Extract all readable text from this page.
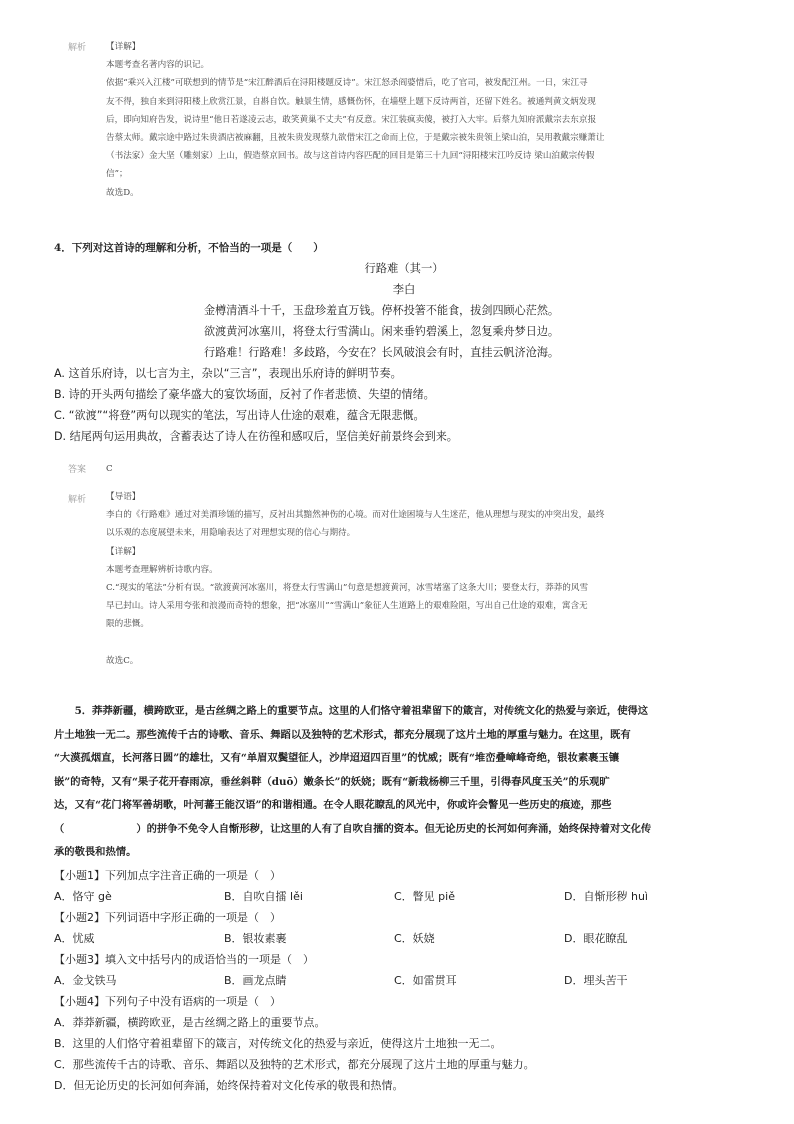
解析 【详解】
本题考查名著内容的识记。
依据“乘兴入江楼”可联想到的情节是“宋江醉酒后在浔阳楼题反诗”。宋江怒杀阎婆惜后，吃了官司，被发配江州。一日，宋江寻
友不得，独自来到浔阳楼上欣赏江景，自斟自饮。触景生情，感慨伤怀，在墙壁上题下反诗两首，还留下姓名。被通判黄文炳发现
后，即向知府告发，说诗里“他日若遂凌云志，敢笑黄巢不丈夫”有反意。宋江装疯卖傻，被打入大牢。后蔡九知府派戴宗去东京报
告蔡太师。戴宗途中路过朱贵酒店被麻翻，且被朱贵发现蔡九欲借宋江之命而上位，于是戴宗被朱贵领上梁山泊，吴用教戴宗赚萧让
（书法家）金大坚（雕刻家）上山，假造蔡京回书。故与这首诗内容匹配的回目是第三十九回“浔阳楼宋江吟反诗 梁山泊戴宗传假
信”；
故选D。
4．下列对这首诗的理解和分析，不恰当的一项是（　　）
行路难（其一）
李白
金樽清酒斗十千，玉盘珍羞直万钱。停杯投箸不能食，拔剑四顾心茫然。
欲渡黄河冰塞川，将登太行雪满山。闲来垂钓碧溪上，忽复乘舟梦日边。
行路难！行路难！多歧路，今安在？长风破浪会有时，直挂云帆济沧海。
A. 这首乐府诗，以七言为主，杂以“三言”，表现出乐府诗的鲜明节奏。
B. 诗的开头两句描绘了豪华盛大的宴饮场面，反衬了作者悲愤、失望的情绪。
C. “欲渡”“将登”两句以现实的笔法，写出诗人仕途的艰难，蕴含无限悲慨。
D. 结尾两句运用典故，含蓄表达了诗人在彷徨和感叹后，坚信美好前景终会到来。
答案 C
解析 【导语】
李白的《行路难》通过对美酒珍馐的描写，反衬出其黯然神伤的心境。而对仕途困境与人生迷茫，他从理想与现实的冲突出发，最终
以乐观的态度展望未来，用隐喻表达了对理想实现的信心与期待。
【详解】
本题考查理解辨析诗歌内容。
C.“现实的笔法”分析有误。“欲渡黄河冰塞川，将登太行雪满山”句意是想渡黄河，冰雪堵塞了这条大川；要登太行，莽莽的风雪
早已封山。诗人采用夸张和浪漫而奇特的想象，把“冰塞川”“雪满山”象征人生道路上的艰难险阻，写出自己仕途的艰难，寓含无
限的悲慨。
故选C。
　　5．莽莽新疆，横跨欧亚，是古丝绸之路上的重要节点。这里的人们恪守着祖辈留下的箴言，对传统文化的热爱与亲近，使得这
片土地独一无二。那些流传千古的诗歌、音乐、舞蹈以及独特的艺术形式，都充分展现了这片土地的厚重与魅力。在这里，既有
“大漠孤烟直，长河落日圆”的雄壮，又有“单眉双鬓望征人，沙岸迢迢四百里”的忧威；既有“堆峦叠嶂峰奇绝，银妆素裹玉镶
嵌”的奇特，又有“果子花开春雨凉，垂丝斜靽（duō）嫩条长”的妖娆；既有“新栽杨柳三千里，引得春风度玉关”的乐观旷
达，又有“花门将军善胡歌，叶河蕃王能汉语”的和谐相通。在令人眼花瞭乱的风光中，你或许会瞥见一些历史的痕迹，那些
（　　　　　　　）的拼争不免令人自惭形秽，让这里的人有了自吹自擂的资本。但无论历史的长河如何奔涌，始终保持着对文化传
承的敬畏和热情。
【小题1】下列加点字注音正确的一项是（　）
A．恪守 gè	B．自吹自擂 lěi	C．瞥见 piě	D．自惭形秽 huì
【小题2】下列词语中字形正确的一项是（　）
A．忧威	B．银妆素裹	C．妖娆	D．眼花瞭乱
【小题3】填入文中括号内的成语恰当的一项是（　）
A．金戈铁马	B．画龙点睛	C．如雷贯耳	D．埋头苦干
【小题4】下列句子中没有语病的一项是（　）
A．莽莽新疆，横跨欧亚，是古丝绸之路上的重要节点。
B．这里的人们恪守着祖辈留下的箴言，对传统文化的热爱与亲近，使得这片土地独一无二。
C．那些流传千古的诗歌、音乐、舞蹈以及独特的艺术形式，都充分展现了这片土地的厚重与魅力。
D．但无论历史的长河如何奔涌，始终保持着对文化传承的敬畏和热情。
